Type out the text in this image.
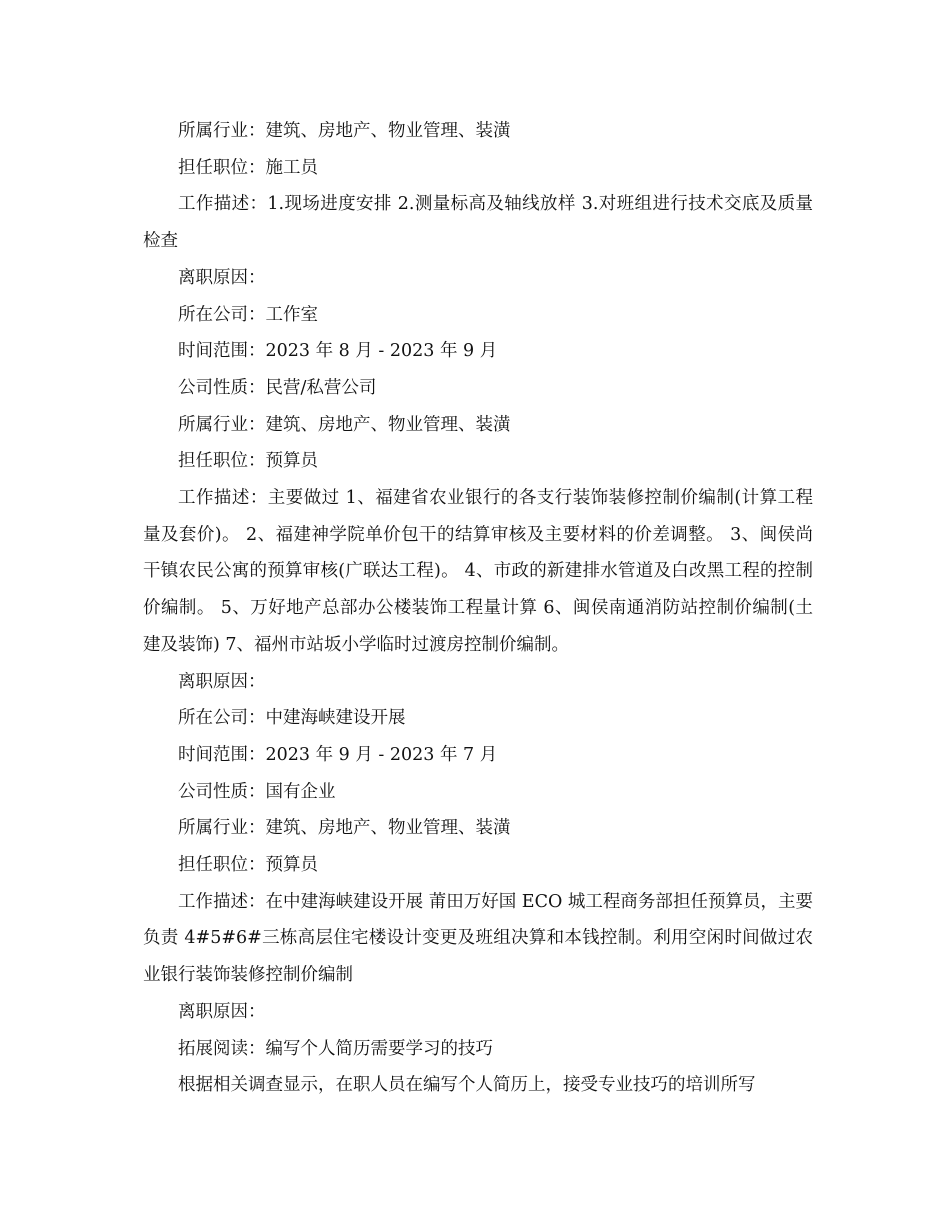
所属行业：建筑、房地产、物业管理、装潢

担任职位：施工员

工作描述：1.现场进度安排 2.测量标高及轴线放样 3.对班组进行技术交底及质量检查

离职原因：

所在公司：工作室

时间范围：2023 年 8 月 - 2023 年 9 月

公司性质：民营/私营公司

所属行业：建筑、房地产、物业管理、装潢

担任职位：预算员

工作描述：主要做过 1、福建省农业银行的各支行装饰装修控制价编制(计算工程量及套价)。 2、福建神学院单价包干的结算审核及主要材料的价差调整。 3、闽侯尚干镇农民公寓的预算审核(广联达工程)。 4、市政的新建排水管道及白改黑工程的控制价编制。 5、万好地产总部办公楼装饰工程量计算 6、闽侯南通消防站控制价编制(土建及装饰) 7、福州市站坂小学临时过渡房控制价编制。

离职原因：

所在公司：中建海峡建设开展

时间范围：2023 年 9 月 - 2023 年 7 月

公司性质：国有企业

所属行业：建筑、房地产、物业管理、装潢

担任职位：预算员

工作描述：在中建海峡建设开展 莆田万好国 ECO 城工程商务部担任预算员，主要负责 4#5#6#三栋高层住宅楼设计变更及班组决算和本钱控制。利用空闲时间做过农业银行装饰装修控制价编制

离职原因：

拓展阅读：编写个人简历需要学习的技巧

根据相关调查显示，在职人员在编写个人简历上，接受专业技巧的培训所写
